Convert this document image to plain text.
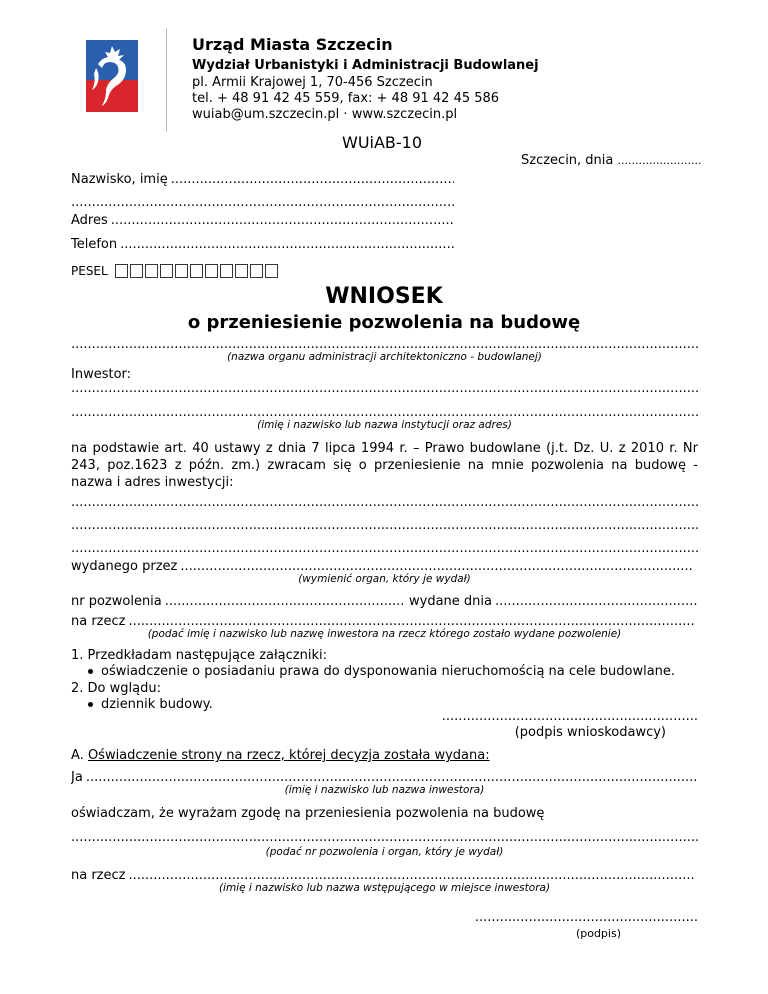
Urząd Miasta Szczecin
Wydział Urbanistyki i Administracji Budowlanej
pl. Armii Krajowej 1, 70-456 Szczecin
tel. + 48 91 42 45 559, fax: + 48 91 42 45 586
wuiab@um.szczecin.pl · www.szczecin.pl
WUiAB-10
Szczecin, dnia ........................
Nazwisko, imię .....
.....
Adres .....
Telefon .....
PESEL
WNIOSEK
o przeniesienie pozwolenia na budowę
.....
(nazwa organu administracji architektoniczno - budowlanej)
Inwestor:
.....
.....
(imię i nazwisko lub nazwa instytucji oraz adres)
na podstawie art. 40 ustawy z dnia 7 lipca 1994 r. – Prawo budowlane (j.t. Dz. U. z 2010 r. Nr 243, poz.1623 z późn. zm.) zwracam się o przeniesienie na mnie pozwolenia na budowę - nazwa i adres inwestycji:
.....
.....
.....
wydanego przez .....
(wymienić organ, który je wydał)
nr pozwolenia .....	wydane dnia .....
na rzecz .....
(podać imię i nazwisko lub nazwę inwestora na rzecz którego zostało wydane pozwolenie)
1. Przedkładam następujące załączniki:
oświadczenie o posiadaniu prawa do dysponowania nieruchomością na cele budowlane.
2. Do wglądu:
dziennik budowy.
..............................................................
(podpis wnioskodawcy)
A. Oświadczenie strony na rzecz, której decyzja została wydana:
Ja .....
(imię i nazwisko lub nazwa inwestora)
oświadczam, że wyrażam zgodę na przeniesienia pozwolenia na budowę
.....
(podać nr pozwolenia i organ, który je wydał)
na rzecz .....
(imię i nazwisko lub nazwa wstępującego w miejsce inwestora)
......................................................
(podpis)
